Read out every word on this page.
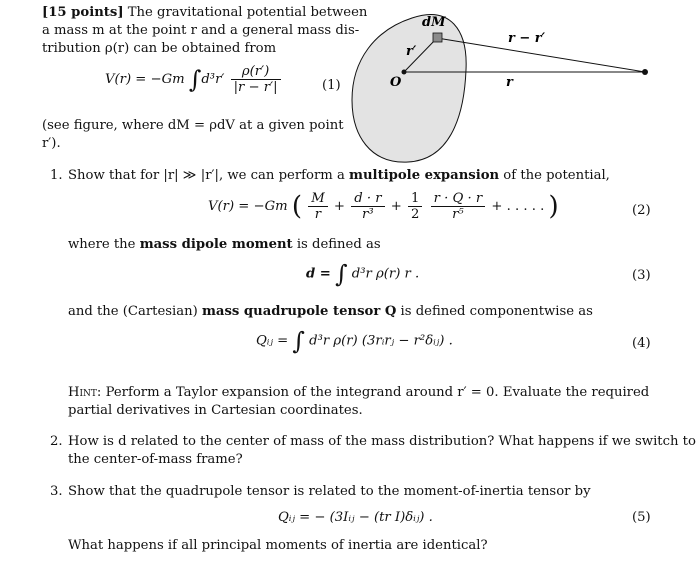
[15 points] The gravitational potential between
a mass m at the point r and a general mass dis-
tribution ρ(r) can be obtained from
V(r) = −Gm $\int d^3r' \frac{\rho(r')}{|r - r'|}$	(1)
(see figure, where dM = ρdV at a given point
r′).
dM
r′
r − r′
r
O
1. Show that for |r| ≫ |r′|, we can perform a multipole expansion of the potential,
V(r) = −Gm ( $\frac{M}{r} + \frac{d \cdot r}{\text{r³}} + \frac{1}{2}$
$\frac{r \cdot Q \cdot r}{\text{r⁵}}$ + . . . . . )	(2)
where the mass dipole moment is defined as
d = ∫ d³r ρ(r) r .	(3)
and the (Cartesian) mass quadrupole tensor Q is defined componentwise as
Qᵢⱼ = ∫ d³r ρ(r) (3rᵢrⱼ − r²δᵢⱼ) .	(4)
Hint: Perform a Taylor expansion of the integrand around r′ = 0. Evaluate the required
partial derivatives in Cartesian coordinates.
2. How is d related to the center of mass of the mass distribution? What happens if we switch to
the center-of-mass frame?
3. Show that the quadrupole tensor is related to the moment-of-inertia tensor by
Qᵢⱼ = − (3Iᵢⱼ − (tr I)δᵢⱼ) .	(5)
What happens if all principal moments of inertia are identical?
